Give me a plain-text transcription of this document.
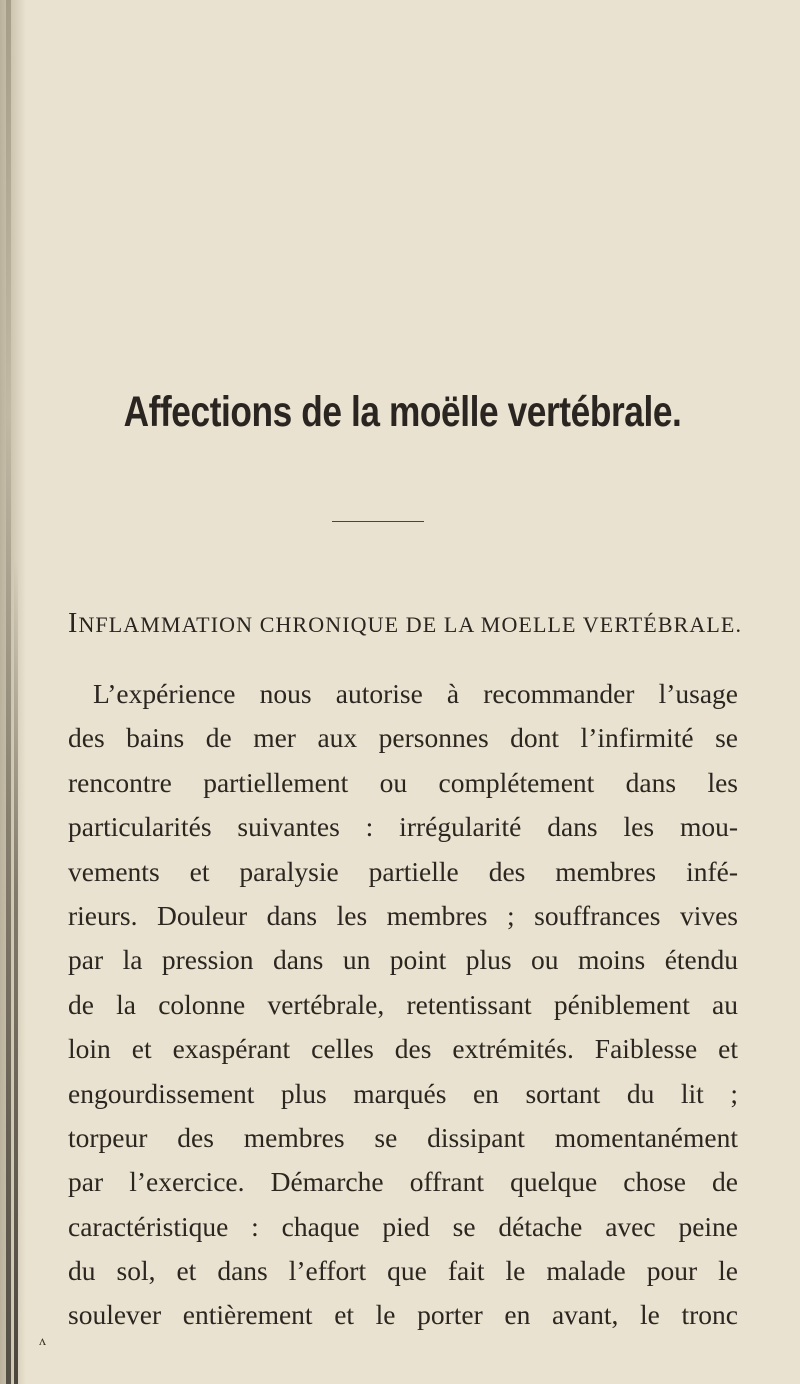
Affections de la moëlle vertébrale.
INFLAMMATION CHRONIQUE DE LA MOELLE VERTÉBRALE.
L’expérience nous autorise à recommander l’usage
des bains de mer aux personnes dont l’infirmité se
rencontre partiellement ou complétement dans les
particularités suivantes : irrégularité dans les mou-
vements et paralysie partielle des membres infé-
rieurs. Douleur dans les membres ; souffrances vives
par la pression dans un point plus ou moins étendu
de la colonne vertébrale, retentissant péniblement au
loin et exaspérant celles des extrémités. Faiblesse et
engourdissement plus marqués en sortant du lit ;
torpeur des membres se dissipant momentanément
par l’exercice. Démarche offrant quelque chose de
caractéristique : chaque pied se détache avec peine
du sol, et dans l’effort que fait le malade pour le
soulever entièrement et le porter en avant, le tronc
ʌ
